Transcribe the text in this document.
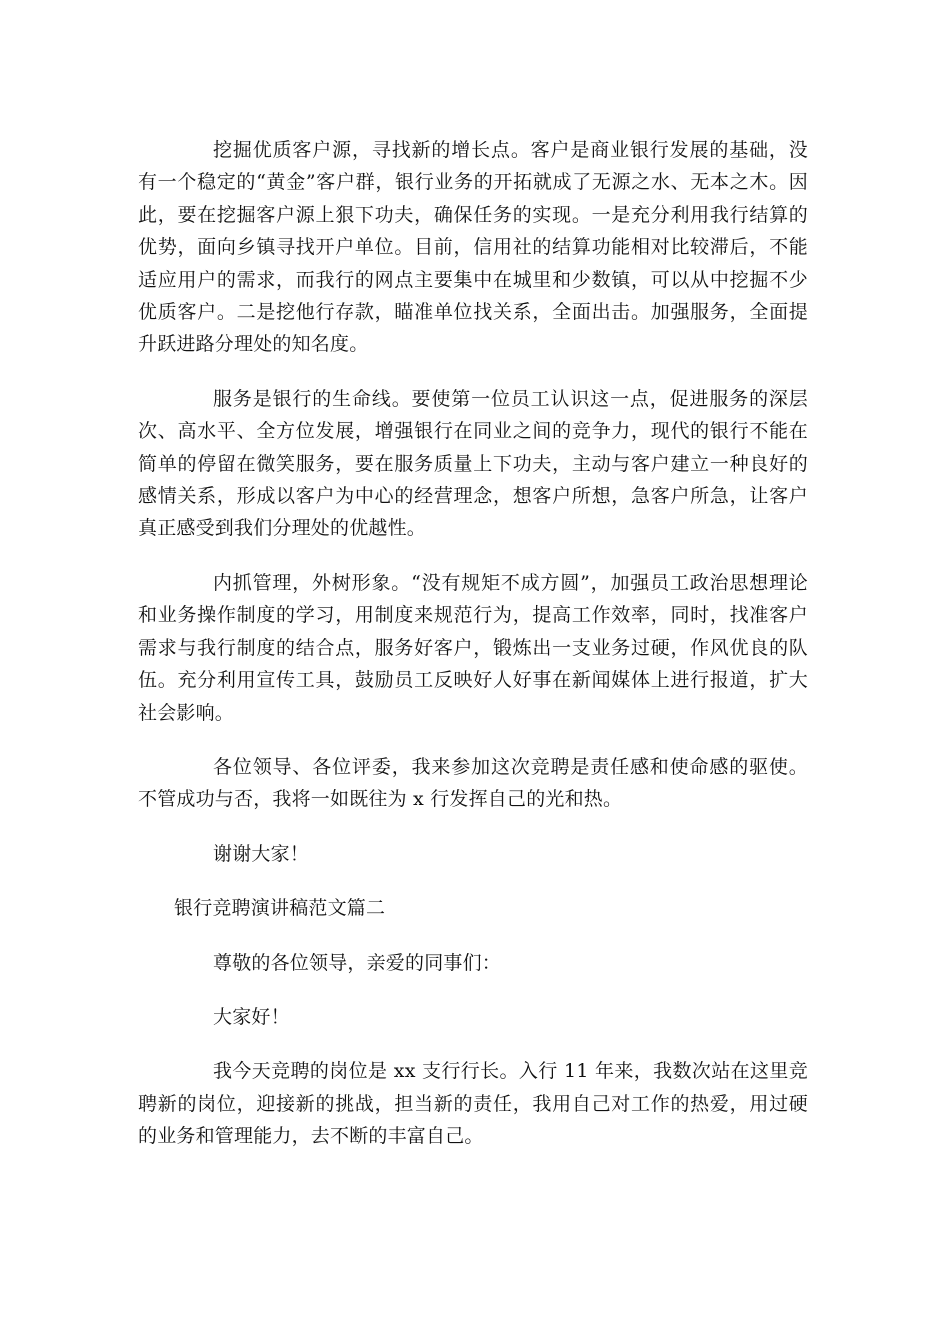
挖掘优质客户源，寻找新的增长点。客户是商业银行发展的基础，没有一个稳定的“黄金”客户群，银行业务的开拓就成了无源之水、无本之木。因此，要在挖掘客户源上狠下功夫，确保任务的实现。一是充分利用我行结算的优势，面向乡镇寻找开户单位。目前，信用社的结算功能相对比较滞后，不能适应用户的需求，而我行的网点主要集中在城里和少数镇，可以从中挖掘不少优质客户。二是挖他行存款，瞄准单位找关系，全面出击。加强服务，全面提升跃进路分理处的知名度。

服务是银行的生命线。要使第一位员工认识这一点，促进服务的深层次、高水平、全方位发展，增强银行在同业之间的竞争力，现代的银行不能在简单的停留在微笑服务，要在服务质量上下功夫，主动与客户建立一种良好的感情关系，形成以客户为中心的经营理念，想客户所想，急客户所急，让客户真正感受到我们分理处的优越性。

内抓管理，外树形象。“没有规矩不成方圆”，加强员工政治思想理论和业务操作制度的学习，用制度来规范行为，提高工作效率，同时，找准客户需求与我行制度的结合点，服务好客户，锻炼出一支业务过硬，作风优良的队伍。充分利用宣传工具，鼓励员工反映好人好事在新闻媒体上进行报道，扩大社会影响。

各位领导、各位评委，我来参加这次竞聘是责任感和使命感的驱使。不管成功与否，我将一如既往为 x 行发挥自己的光和热。

谢谢大家！

银行竞聘演讲稿范文篇二

尊敬的各位领导，亲爱的同事们：

大家好！

我今天竞聘的岗位是 xx 支行行长。入行 11 年来，我数次站在这里竞聘新的岗位，迎接新的挑战，担当新的责任，我用自己对工作的热爱，用过硬的业务和管理能力，去不断的丰富自己。
